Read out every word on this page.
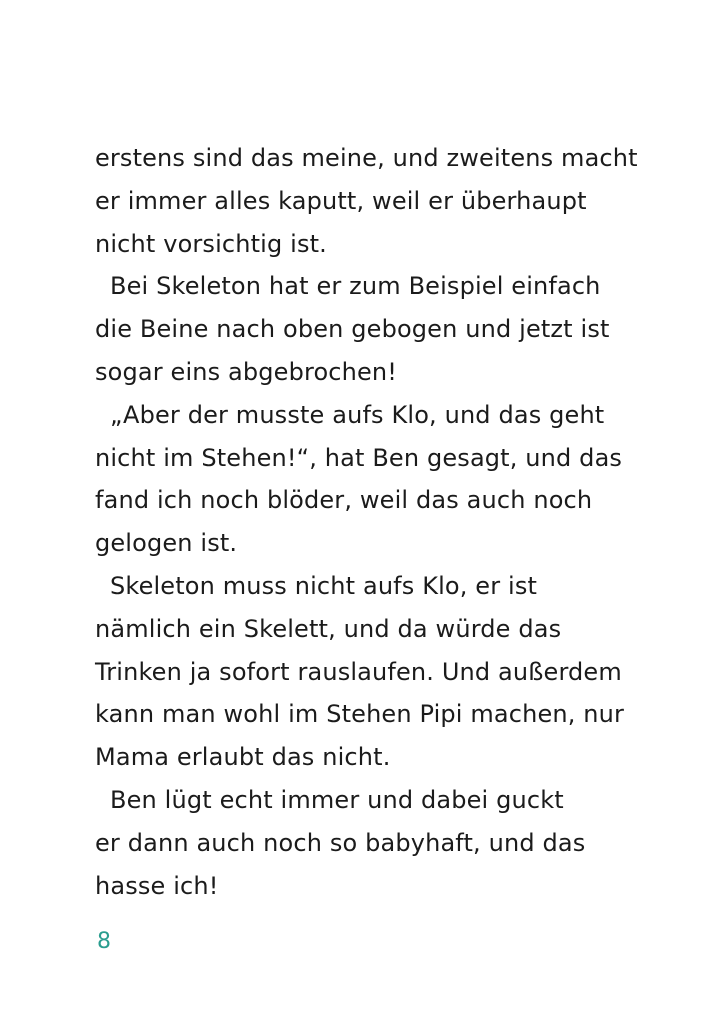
erstens sind das meine, und zweitens macht
er immer alles kaputt, weil er überhaupt
nicht vorsichtig ist.
Bei Skeleton hat er zum Beispiel einfach
die Beine nach oben gebogen und jetzt ist
sogar eins abgebrochen!
„Aber der musste aufs Klo, und das geht
nicht im Stehen!“, hat Ben gesagt, und das
fand ich noch blöder, weil das auch noch
gelogen ist.
Skeleton muss nicht aufs Klo, er ist
nämlich ein Skelett, und da würde das
Trinken ja sofort rauslaufen. Und außerdem
kann man wohl im Stehen Pipi machen, nur
Mama erlaubt das nicht.
Ben lügt echt immer und dabei guckt
er dann auch noch so babyhaft, und das
hasse ich!
8
